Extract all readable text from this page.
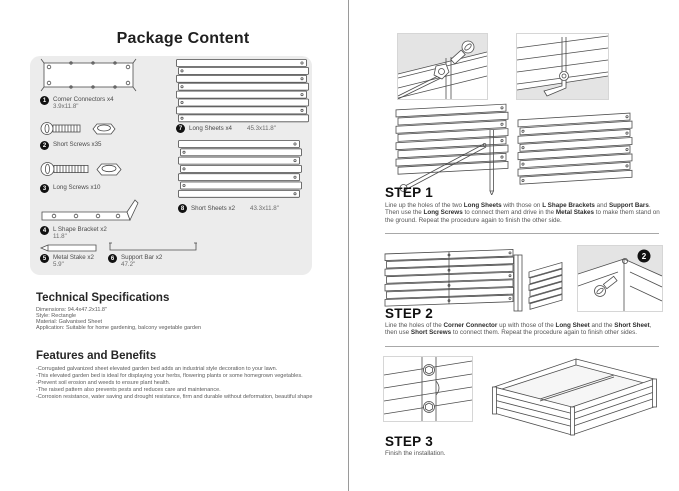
Package Content
1	Corner Connectors x4
3.9x11.8"
2	Short Screws x35
3	Long Screws x10
4	L Shape Bracket x2
11.8"
5	Metal Stake x2
5.9"
6	Support Bar x2
47.2"
7	Long Sheets x4 45.3x11.8"
8	Short Sheets x2 43.3x11.8"
Technical Specifications
Dimensions: 94.4x47.2x11.8"
Style: Rectangle
Material: Galvanised Sheet
Application: Suitable for home gardening, balcony vegetable garden
Features and Benefits
-Corrugated galvanized sheet elevated garden bed adds an industrial style decoration to your lawn.
-This elevated garden bed is ideal for displaying your herbs, flowering plants or some homegrown vegetables.
-Prevent soil erosion and weeds to ensure plant health.
-The raised pattern also prevents pests and reduces care and maintenance.
-Corrosion resistance, water saving and drought resistance, firm and durable without deformation, beautiful shape
STEP 1
Line up the holes of the two Long Sheets with those on L Shape Brackets and Support Bars. Then use the Long Screws to connect them and drive in the Metal Stakes to make them stand on the ground. Repeat the procedure again to finish the other side.
2
STEP 2
Line the holes of the Corner Connector up with those of the Long Sheet and the Short Sheet, then use Short Screws to connect them. Repeat the procedure again to finish other sides.
STEP 3
Finish the installation.
